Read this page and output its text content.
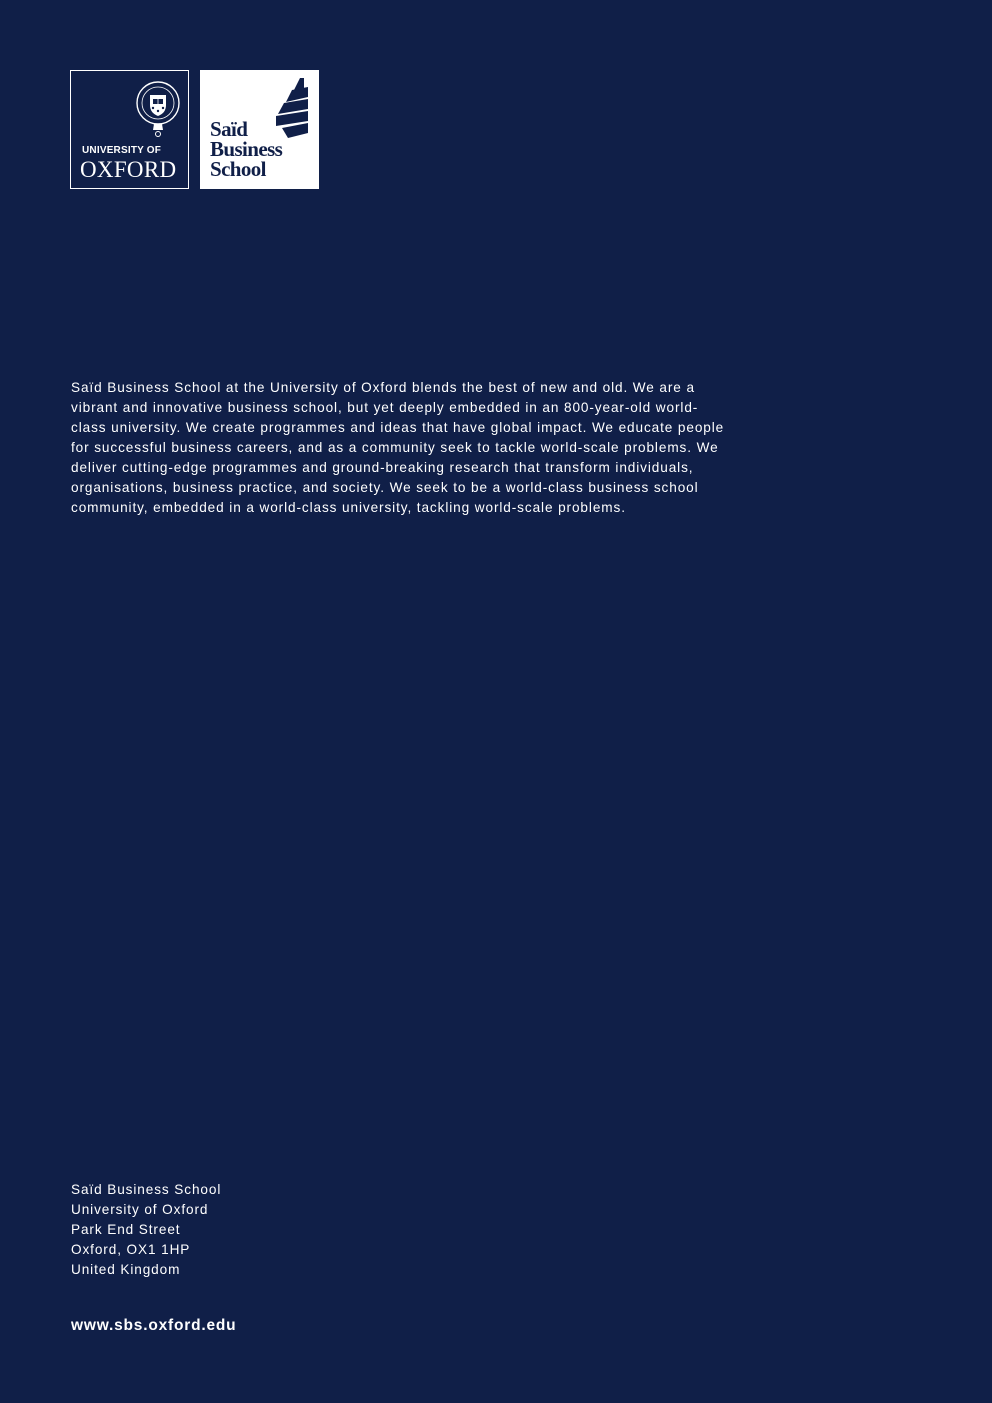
UNIVERSITY OF
OXFORD
Saïd
Business
School

Saïd Business School at the University of Oxford blends the best of new and old. We are a
vibrant and innovative business school, but yet deeply embedded in an 800-year-old world-
class university. We create programmes and ideas that have global impact. We educate people
for successful business careers, and as a community seek to tackle world-scale problems. We
deliver cutting-edge programmes and ground-breaking research that transform individuals,
organisations, business practice, and society. We seek to be a world-class business school
community, embedded in a world-class university, tackling world-scale problems.

Saïd Business School
University of Oxford
Park End Street
Oxford, OX1 1HP
United Kingdom
www.sbs.oxford.edu
